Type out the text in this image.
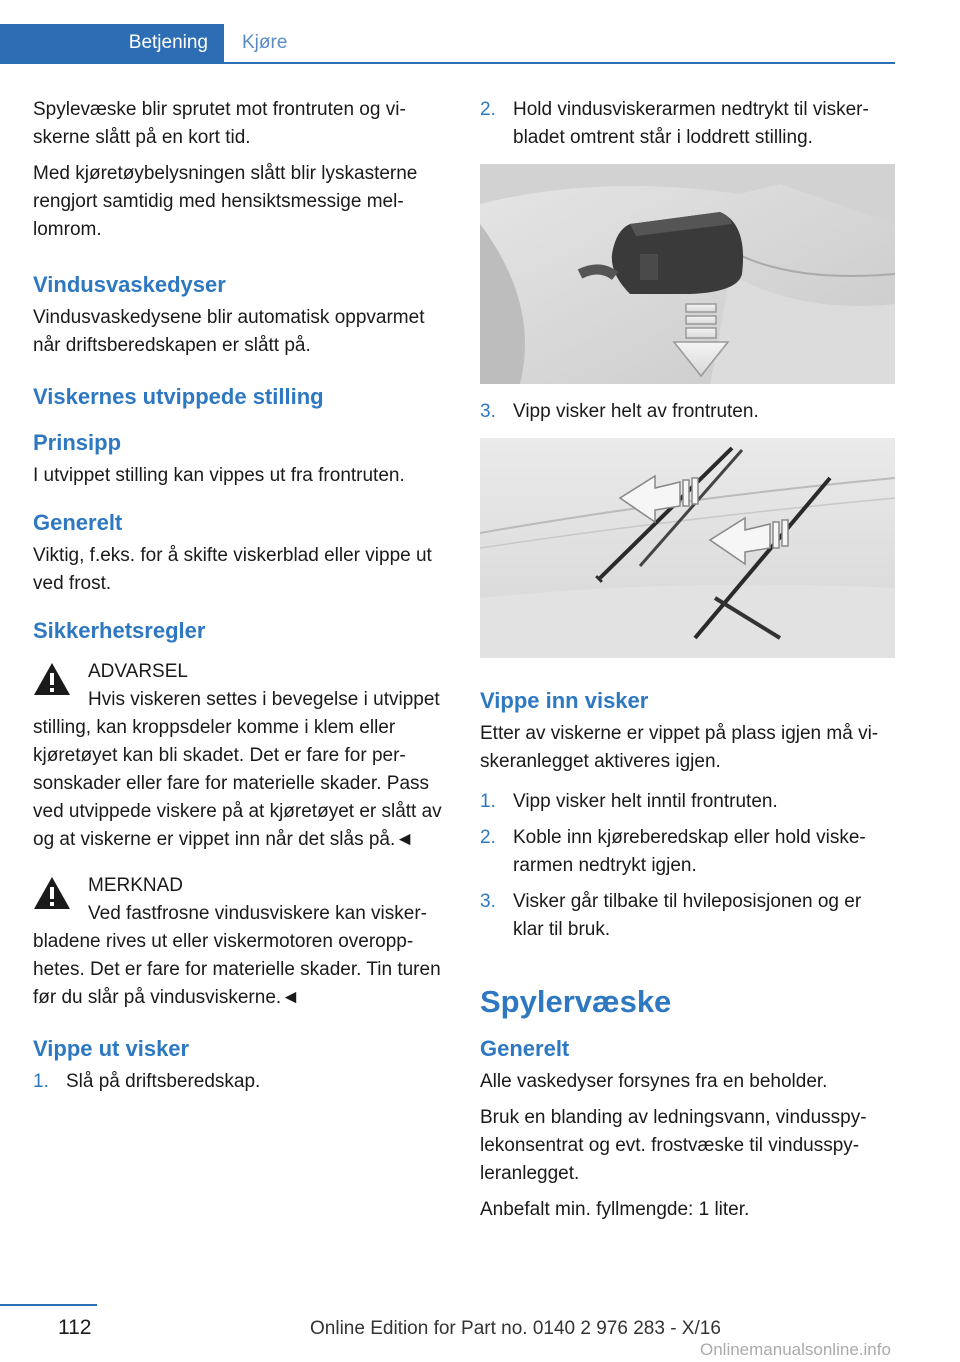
Betjening	Kjøre

Spylevæske blir sprutet mot frontruten og viskerne slått på en kort tid.

Med kjøretøybelysningen slått blir lyskasterne rengjort samtidig med hensiktsmessige mellomrom.

Vindusvaskedyser

Vindusvaskedysene blir automatisk oppvarmet når driftsberedskapen er slått på.

Viskernes utvippede stilling
Prinsipp

I utvippet stilling kan vippes ut fra frontruten.

Generelt

Viktig, f.eks. for å skifte viskerblad eller vippe ut ved frost.

Sikkerhetsregler
ADVARSEL
Hvis viskeren settes i bevegelse i utvippet stilling, kan kroppsdeler komme i klem eller kjøretøyet kan bli skadet. Det er fare for personskader eller fare for materielle skader. Pass ved utvippede viskere på at kjøretøyet er slått av og at viskerne er vippet inn når det slås på.◄
MERKNAD
Ved fastfrosne vindusviskere kan viskerbladene rives ut eller viskermotoren overopphetes. Det er fare for materielle skader. Tin turen før du slår på vindusviskerne.◄
Vippe ut visker
1. Slå på driftsberedskap.
2. Hold vindusviskerarmen nedtrykt til viskerbladet omtrent står i loddrett stilling.
3. Vipp visker helt av frontruten.
Vippe inn visker

Etter av viskerne er vippet på plass igjen må viskeranlegget aktiveres igjen.

1. Vipp visker helt inntil frontruten.
2. Koble inn kjøreberedskap eller hold viskerarmen nedtrykt igjen.
3. Visker går tilbake til hvileposisjonen og er klar til bruk.
Spylervæske
Generelt

Alle vaskedyser forsynes fra en beholder.

Bruk en blanding av ledningsvann, vindusspylekonsentrat og evt. frostvæske til vindusspyleranlegget.

Anbefalt min. fyllmengde: 1 liter.

112	Online Edition for Part no. 0140 2 976 283 - X/16
Onlinemanualsonline.info
